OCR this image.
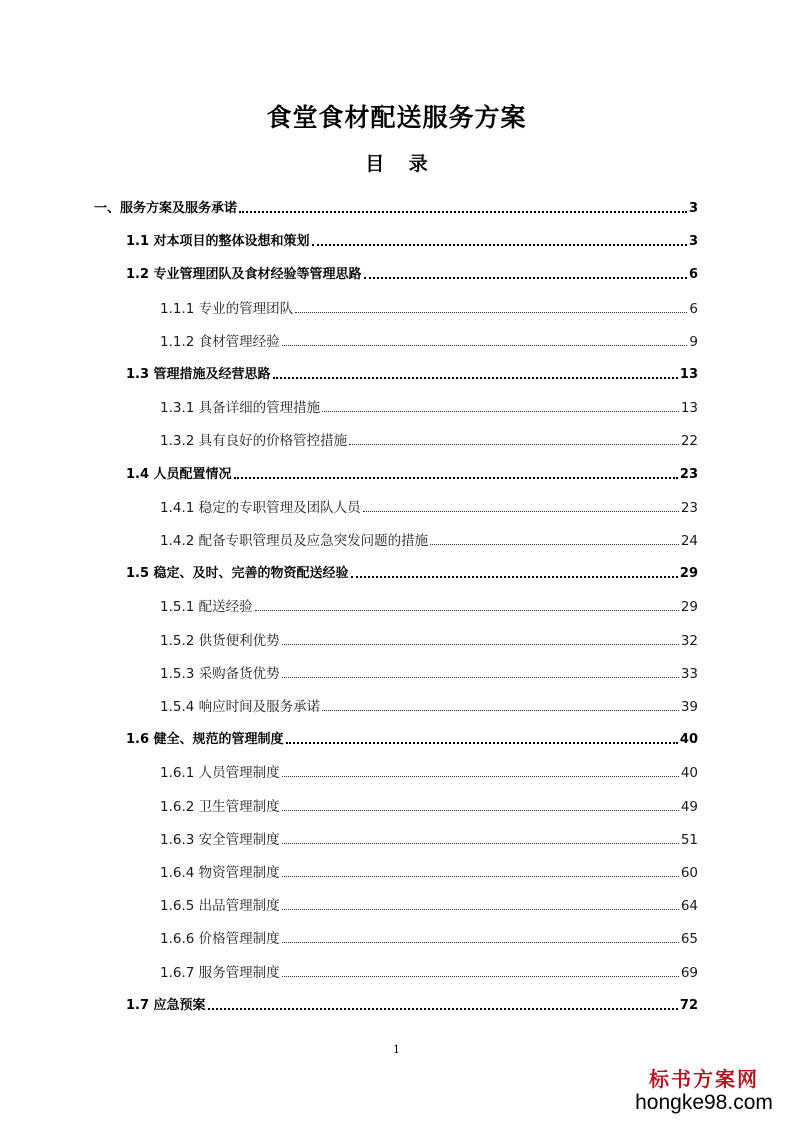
食堂食材配送服务方案
目 录
一、服务方案及服务承诺	3
1.1 对本项目的整体设想和策划	3
1.2 专业管理团队及食材经验等管理思路	6
1.1.1 专业的管理团队	6
1.1.2 食材管理经验	9
1.3 管理措施及经营思路	13
1.3.1 具备详细的管理措施	13
1.3.2 具有良好的价格管控措施	22
1.4 人员配置情况	23
1.4.1 稳定的专职管理及团队人员	23
1.4.2 配备专职管理员及应急突发问题的措施	24
1.5 稳定、及时、完善的物资配送经验	29
1.5.1 配送经验	29
1.5.2 供货便利优势	32
1.5.3 采购备货优势	33
1.5.4 响应时间及服务承诺	39
1.6 健全、规范的管理制度	40
1.6.1 人员管理制度	40
1.6.2 卫生管理制度	49
1.6.3 安全管理制度	51
1.6.4 物资管理制度	60
1.6.5 出品管理制度	64
1.6.6 价格管理制度	65
1.6.7 服务管理制度	69
1.7 应急预案	72
1
标书方案网
hongke98.com
